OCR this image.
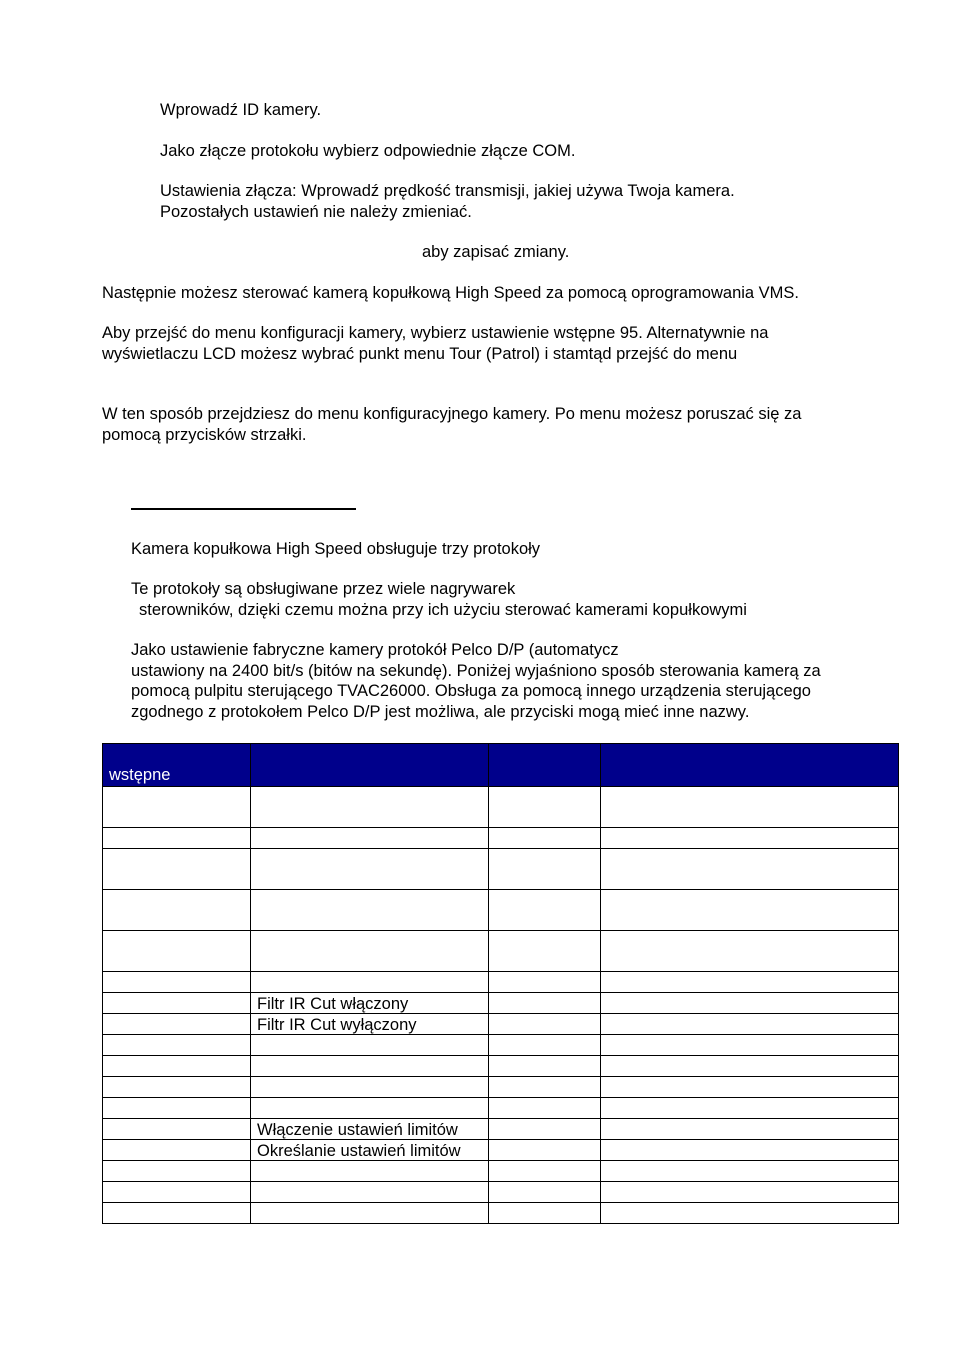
Wprowadź ID kamery.
Jako złącze protokołu wybierz odpowiednie złącze COM.
Ustawienia złącza: Wprowadź prędkość transmisji, jakiej używa Twoja kamera.
Pozostałych ustawień nie należy zmieniać.
aby zapisać zmiany.
Następnie możesz sterować kamerą kopułkową High Speed za pomocą oprogramowania VMS.
Aby przejść do menu konfiguracji kamery, wybierz ustawienie wstępne 95. Alternatywnie na
wyświetlaczu LCD możesz wybrać punkt menu Tour (Patrol) i stamtąd przejść do menu
W ten sposób przejdziesz do menu konfiguracyjnego kamery. Po menu możesz poruszać się za
pomocą przycisków strzałki.
Kamera kopułkowa High Speed obsługuje trzy protokoły
Te protokoły są obsługiwane przez wiele nagrywarek
sterowników, dzięki czemu można przy ich użyciu sterować kamerami kopułkowymi
Jako ustawienie fabryczne kamery protokół Pelco D/P (automatycz
ustawiony na 2400 bit/s (bitów na sekundę). Poniżej wyjaśniono sposób sterowania kamerą za
pomocą pulpitu sterującego TVAC26000. Obsługa za pomocą innego urządzenia sterującego
zgodnego z protokołem Pelco D/P jest możliwa, ale przyciski mogą mieć inne nazwy.
wstępne			

	Filtr IR Cut włączony		
	Filtr IR Cut wyłączony		

	Włączenie ustawień limitów		
	Określanie ustawień limitów		
